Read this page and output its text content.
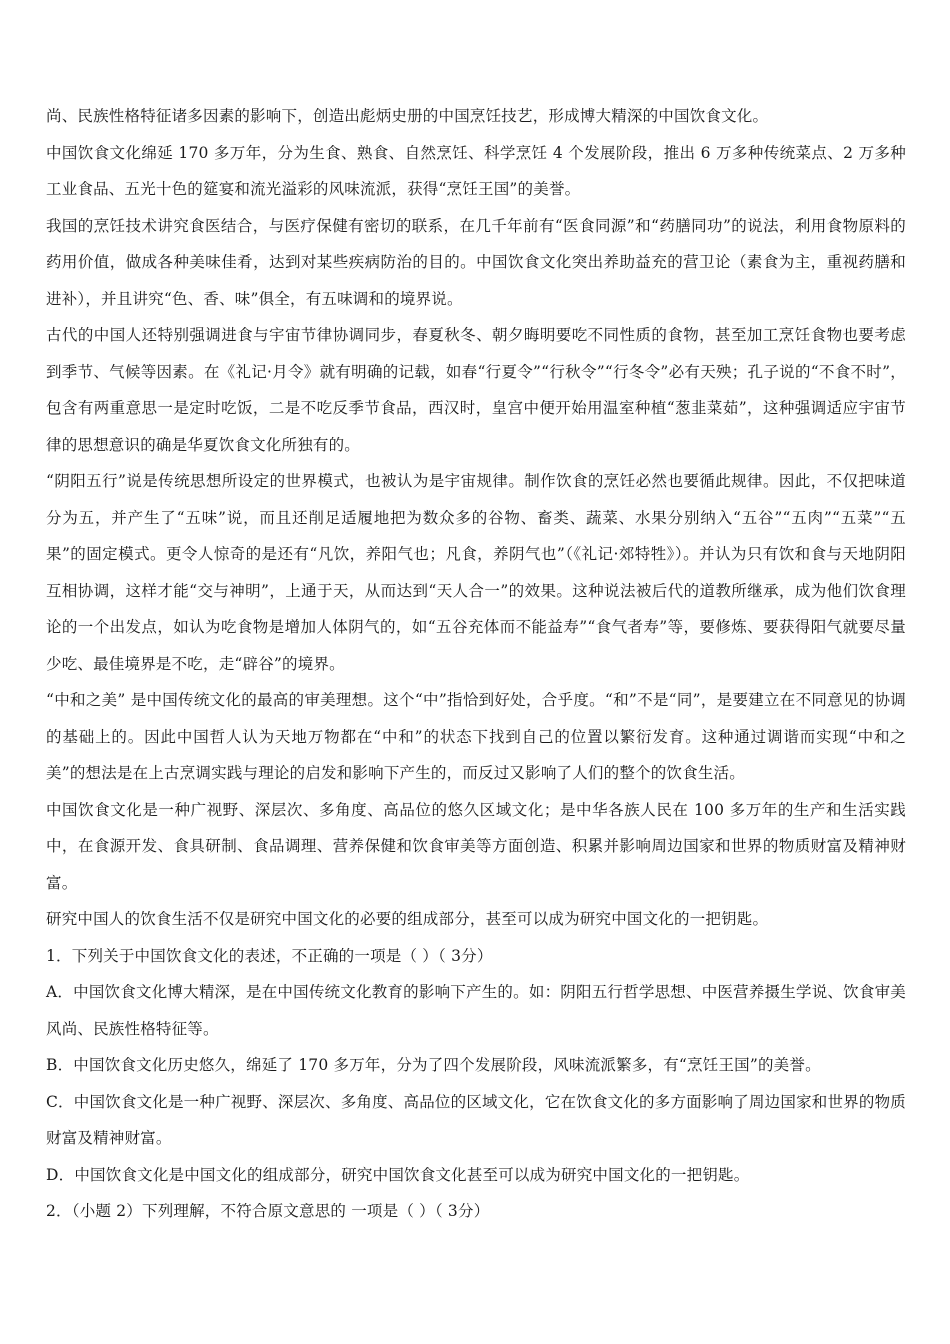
尚、民族性格特征诸多因素的影响下，创造出彪炳史册的中国烹饪技艺，形成博大精深的中国饮食文化。

中国饮食文化绵延 170 多万年，分为生食、熟食、自然烹饪、科学烹饪 4 个发展阶段，推出 6 万多种传统菜点、2 万多种工业食品、五光十色的筵宴和流光溢彩的风味流派，获得“烹饪王国”的美誉。

我国的烹饪技术讲究食医结合，与医疗保健有密切的联系，在几千年前有“医食同源”和“药膳同功”的说法，利用食物原料的药用价值，做成各种美味佳肴，达到对某些疾病防治的目的。中国饮食文化突出养助益充的营卫论（素食为主，重视药膳和进补），并且讲究“色、香、味”俱全，有五味调和的境界说。

古代的中国人还特别强调进食与宇宙节律协调同步，春夏秋冬、朝夕晦明要吃不同性质的食物，甚至加工烹饪食物也要考虑到季节、气候等因素。在《礼记·月令》就有明确的记载，如春“行夏令”“行秋令”“行冬令”必有天殃；孔子说的“不食不时”，包含有两重意思一是定时吃饭，二是不吃反季节食品，西汉时，皇宫中便开始用温室种植“葱韭菜茹”，这种强调适应宇宙节律的思想意识的确是华夏饮食文化所独有的。

“阴阳五行”说是传统思想所设定的世界模式，也被认为是宇宙规律。制作饮食的烹饪必然也要循此规律。因此，不仅把味道分为五，并产生了“五味”说，而且还削足适履地把为数众多的谷物、畜类、蔬菜、水果分别纳入“五谷”“五肉”“五菜”“五果”的固定模式。更令人惊奇的是还有“凡饮，养阳气也；凡食，养阴气也”（《礼记·郊特牲》）。并认为只有饮和食与天地阴阳互相协调，这样才能“交与神明”，上通于天，从而达到“天人合一”的效果。这种说法被后代的道教所继承，成为他们饮食理论的一个出发点，如认为吃食物是增加人体阴气的，如“五谷充体而不能益寿”“食气者寿”等，要修炼、要获得阳气就要尽量少吃、最佳境界是不吃，走“辟谷”的境界。

“中和之美” 是中国传统文化的最高的审美理想。这个“中”指恰到好处，合乎度。“和”不是“同”，是要建立在不同意见的协调的基础上的。因此中国哲人认为天地万物都在“中和”的状态下找到自己的位置以繁衍发育。这种通过调谐而实现“中和之美”的想法是在上古烹调实践与理论的启发和影响下产生的，而反过又影响了人们的整个的饮食生活。

中国饮食文化是一种广视野、深层次、多角度、高品位的悠久区域文化；是中华各族人民在 100 多万年的生产和生活实践中，在食源开发、食具研制、食品调理、营养保健和饮食审美等方面创造、积累并影响周边国家和世界的物质财富及精神财富。

研究中国人的饮食生活不仅是研究中国文化的必要的组成部分，甚至可以成为研究中国文化的一把钥匙。

1．下列关于中国饮食文化的表述，不正确的一项是（ ）（ 3分）

A．中国饮食文化博大精深，是在中国传统文化教育的影响下产生的。如：阴阳五行哲学思想、中医营养摄生学说、饮食审美风尚、民族性格特征等。

B．中国饮食文化历史悠久，绵延了 170 多万年，分为了四个发展阶段，风味流派繁多，有“烹饪王国”的美誉。

C．中国饮食文化是一种广视野、深层次、多角度、高品位的区域文化，它在饮食文化的多方面影响了周边国家和世界的物质财富及精神财富。

D．中国饮食文化是中国文化的组成部分，研究中国饮食文化甚至可以成为研究中国文化的一把钥匙。

2．（小题 2）下列理解，不符合原文意思的 一项是（ ）（ 3分）
